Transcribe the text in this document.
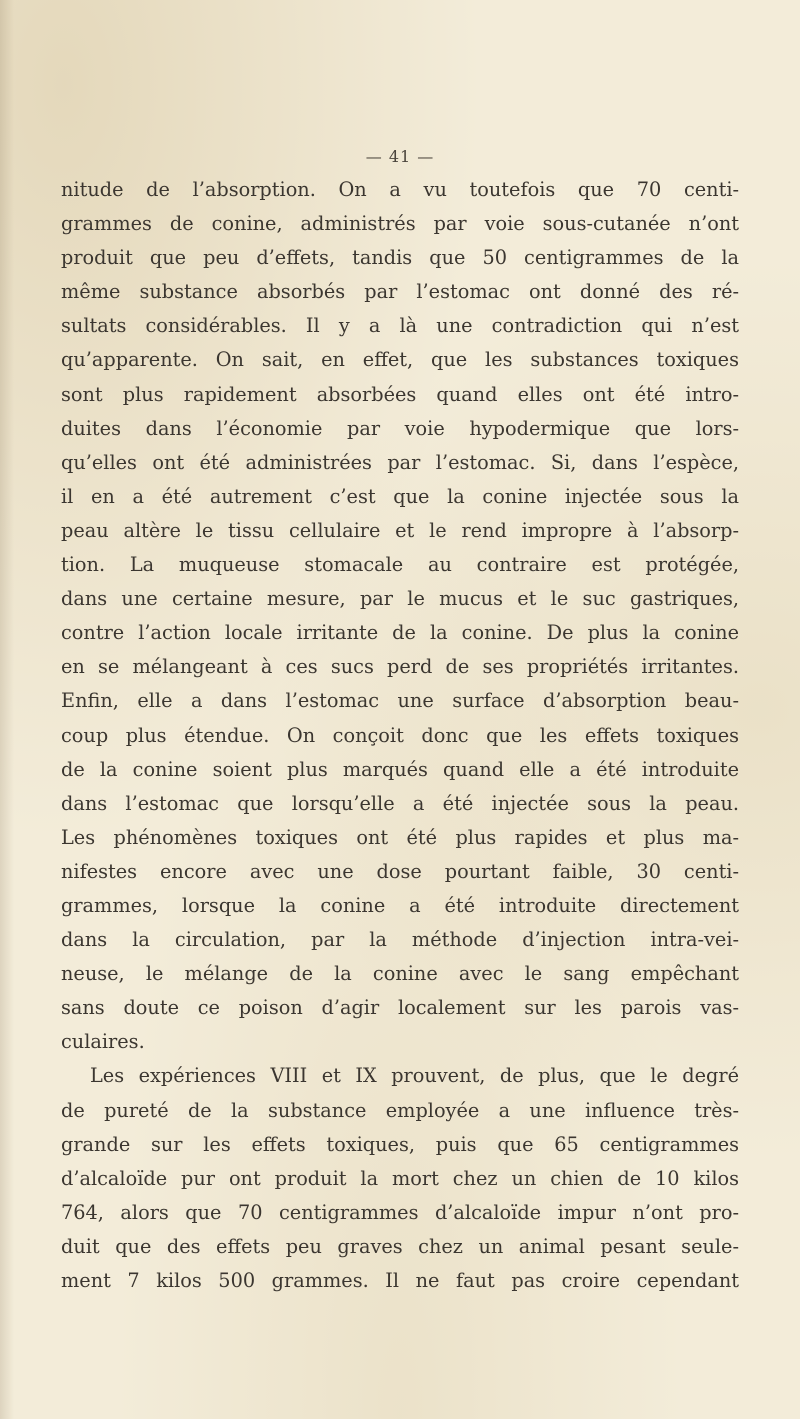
— 41 —
nitude de l’absorption. On a vu toutefois que 70 centi-
grammes de conine, administrés par voie sous-cutanée n’ont
produit que peu d’effets, tandis que 50 centigrammes de la
même substance absorbés par l’estomac ont donné des ré-
sultats considérables. Il y a là une contradiction qui n’est
qu’apparente. On sait, en effet, que les substances toxiques
sont plus rapidement absorbées quand elles ont été intro-
duites dans l’économie par voie hypodermique que lors-
qu’elles ont été administrées par l’estomac. Si, dans l’espèce,
il en a été autrement c’est que la conine injectée sous la
peau altère le tissu cellulaire et le rend impropre à l’absorp-
tion. La muqueuse stomacale au contraire est protégée,
dans une certaine mesure, par le mucus et le suc gastriques,
contre l’action locale irritante de la conine. De plus la conine
en se mélangeant à ces sucs perd de ses propriétés irritantes.
Enfin, elle a dans l’estomac une surface d’absorption beau-
coup plus étendue. On conçoit donc que les effets toxiques
de la conine soient plus marqués quand elle a été introduite
dans l’estomac que lorsqu’elle a été injectée sous la peau.
Les phénomènes toxiques ont été plus rapides et plus ma-
nifestes encore avec une dose pourtant faible, 30 centi-
grammes, lorsque la conine a été introduite directement
dans la circulation, par la méthode d’injection intra-vei-
neuse, le mélange de la conine avec le sang empêchant
sans doute ce poison d’agir localement sur les parois vas-
culaires.
Les expériences VIII et IX prouvent, de plus, que le degré
de pureté de la substance employée a une influence très-
grande sur les effets toxiques, puis que 65 centigrammes
d’alcaloïde pur ont produit la mort chez un chien de 10 kilos
764, alors que 70 centigrammes d’alcaloïde impur n’ont pro-
duit que des effets peu graves chez un animal pesant seule-
ment 7 kilos 500 grammes. Il ne faut pas croire cependant
